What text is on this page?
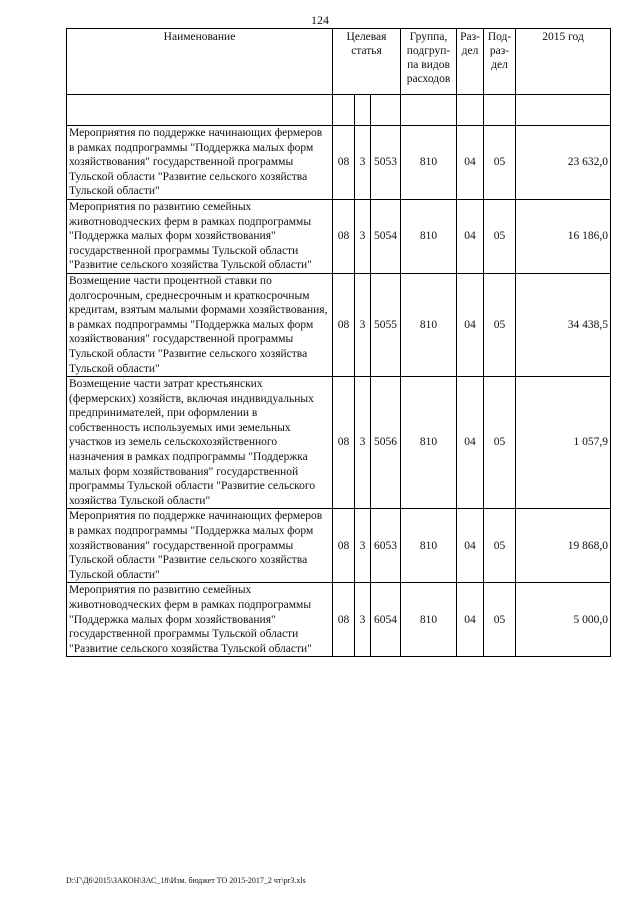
124
Наименование	Целевая статья			Группа, подгруп-па видов расходов	Раз-дел	Под-раз-дел	2015 год

Мероприятия по поддержке начинающих фермеров в рамках подпрограммы "Поддержка малых форм хозяйствования" государственной программы Тульской области "Развитие сельского хозяйства Тульской области"	08	3	5053	810	04	05	23 632,0
Мероприятия по развитию семейных животноводческих ферм в рамках подпрограммы "Поддержка малых форм хозяйствования" государственной программы Тульской области "Развитие сельского хозяйства Тульской области"	08	3	5054	810	04	05	16 186,0
Возмещение части процентной ставки по долгосрочным, среднесрочным и краткосрочным кредитам, взятым малыми формами хозяйствования, в рамках подпрограммы "Поддержка малых форм хозяйствования" государственной программы Тульской области "Развитие сельского хозяйства Тульской области"	08	3	5055	810	04	05	34 438,5
Возмещение части затрат крестьянских (фермерских) хозяйств, включая индивидуальных предпринимателей, при оформлении в собственность используемых ими земельных участков из земель сельскохозяйственного назначения в рамках подпрограммы "Поддержка малых форм хозяйствования" государственной программы Тульской области "Развитие сельского хозяйства Тульской области"	08	3	5056	810	04	05	1 057,9
Мероприятия по поддержке начинающих фермеров в рамках подпрограммы "Поддержка малых форм хозяйствования" государственной программы Тульской области "Развитие сельского хозяйства Тульской области"	08	3	6053	810	04	05	19 868,0
Мероприятия по развитию семейных животноводческих ферм в рамках подпрограммы "Поддержка малых форм хозяйствования" государственной программы Тульской области "Развитие сельского хозяйства Тульской области"	08	3	6054	810	04	05	5 000,0
D:\Г\Д6\2015\ЗАКОН\ЗАС_18\Изм. бюджет ТО 2015-2017_2 чт\pr3.xls
